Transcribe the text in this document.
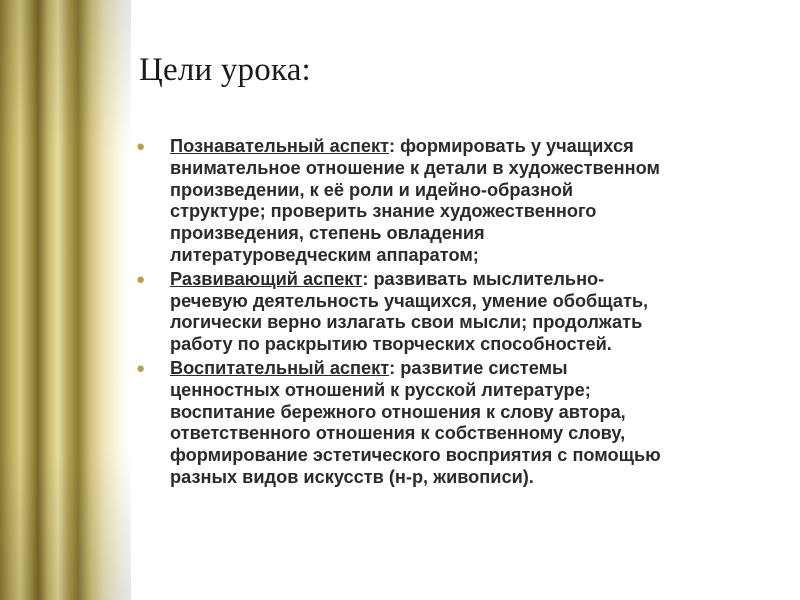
Цели урока:
● Познавательный аспект: формировать у учащихся
внимательное отношение к детали в художественном
произведении, к её роли и идейно-образной
структуре; проверить знание художественного
произведения, степень овладения
литературоведческим аппаратом;
● Развивающий аспект: развивать мыслительно-
речевую деятельность учащихся, умение обобщать,
логически верно излагать свои мысли; продолжать
работу по раскрытию творческих способностей.
● Воспитательный аспект: развитие системы
ценностных отношений к русской литературе;
воспитание бережного отношения к слову автора,
ответственного отношения к собственному слову,
формирование эстетического восприятия с помощью
разных видов искусств (н-р, живописи).
